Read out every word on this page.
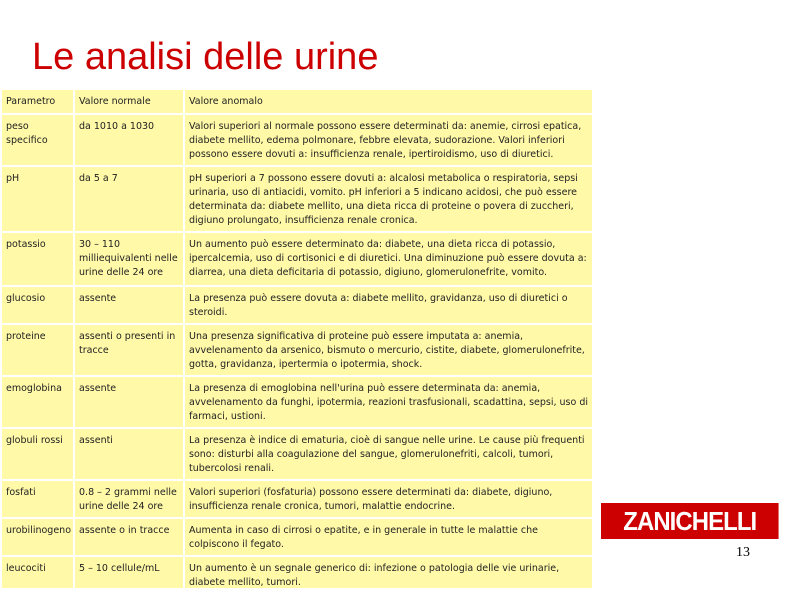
Le analisi delle urine
Parametro	Valore normale	Valore anomalo
peso specifico	da 1010 a 1030	Valori superiori al normale possono essere determinati da: anemie, cirrosi epatica, diabete mellito, edema polmonare, febbre elevata, sudorazione. Valori inferiori possono essere dovuti a: insufficienza renale, ipertiroidismo, uso di diuretici.
pH	da 5 a 7	pH superiori a 7 possono essere dovuti a: alcalosi metabolica o respiratoria, sepsi urinaria, uso di antiacidi, vomito. pH inferiori a 5 indicano acidosi, che può essere determinata da: diabete mellito, una dieta ricca di proteine o povera di zuccheri, digiuno prolungato, insufficienza renale cronica.
potassio	30 – 110 milliequivalenti nelle urine delle 24 ore	Un aumento può essere determinato da: diabete, una dieta ricca di potassio, ipercalcemia, uso di cortisonici e di diuretici. Una diminuzione può essere dovuta a: diarrea, una dieta deficitaria di potassio, digiuno, glomerulonefrite, vomito.
glucosio	assente	La presenza può essere dovuta a: diabete mellito, gravidanza, uso di diuretici o steroidi.
proteine	assenti o presenti in tracce	Una presenza significativa di proteine può essere imputata a: anemia, avvelenamento da arsenico, bismuto o mercurio, cistite, diabete, glomerulonefrite, gotta, gravidanza, ipertermia o ipotermia, shock.
emoglobina	assente	La presenza di emoglobina nell'urina può essere determinata da: anemia, avvelenamento da funghi, ipotermia, reazioni trasfusionali, scadattina, sepsi, uso di farmaci, ustioni.
globuli rossi	assenti	La presenza è indice di ematuria, cioè di sangue nelle urine. Le cause più frequenti sono: disturbi alla coagulazione del sangue, glomerulonefriti, calcoli, tumori, tubercolosi renali.
fosfati	0.8 – 2 grammi nelle urine delle 24 ore	Valori superiori (fosfaturia) possono essere determinati da: diabete, digiuno, insufficienza renale cronica, tumori, malattie endocrine.
urobilinogeno	assente o in tracce	Aumenta in caso di cirrosi o epatite, e in generale in tutte le malattie che colpiscono il fegato.
leucociti	5 – 10 cellule/mL	Un aumento è un segnale generico di: infezione o patologia delle vie urinarie, diabete mellito, tumori.
ZANICHELLI
13
